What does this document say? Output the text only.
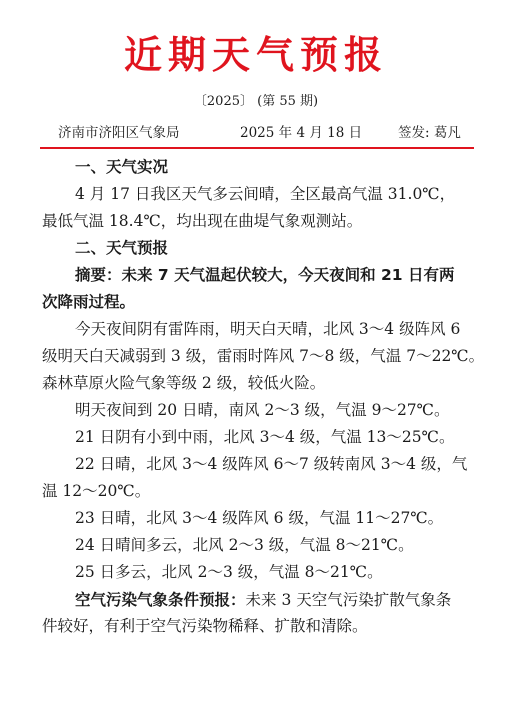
近期天气预报
〔2025〕 (第 55 期)
济南市济阳区气象局	2025 年 4 月 18 日	签发: 葛凡
一、天气实况
4 月 17 日我区天气多云间晴，全区最高气温 31.0℃，
最低气温 18.4℃，均出现在曲堤气象观测站。
二、天气预报
摘要：未来 7 天气温起伏较大，今天夜间和 21 日有两
次降雨过程。
今天夜间阴有雷阵雨，明天白天晴，北风 3～4 级阵风 6
级明天白天减弱到 3 级，雷雨时阵风 7～8 级，气温 7～22℃。
森林草原火险气象等级 2 级，较低火险。
明天夜间到 20 日晴，南风 2～3 级，气温 9～27℃。
21 日阴有小到中雨，北风 3～4 级，气温 13～25℃。
22 日晴，北风 3～4 级阵风 6～7 级转南风 3～4 级，气
温 12～20℃。
23 日晴，北风 3～4 级阵风 6 级，气温 11～27℃。
24 日晴间多云，北风 2～3 级，气温 8～21℃。
25 日多云，北风 2～3 级，气温 8～21℃。
空气污染气象条件预报：未来 3 天空气污染扩散气象条
件较好，有利于空气污染物稀释、扩散和清除。
